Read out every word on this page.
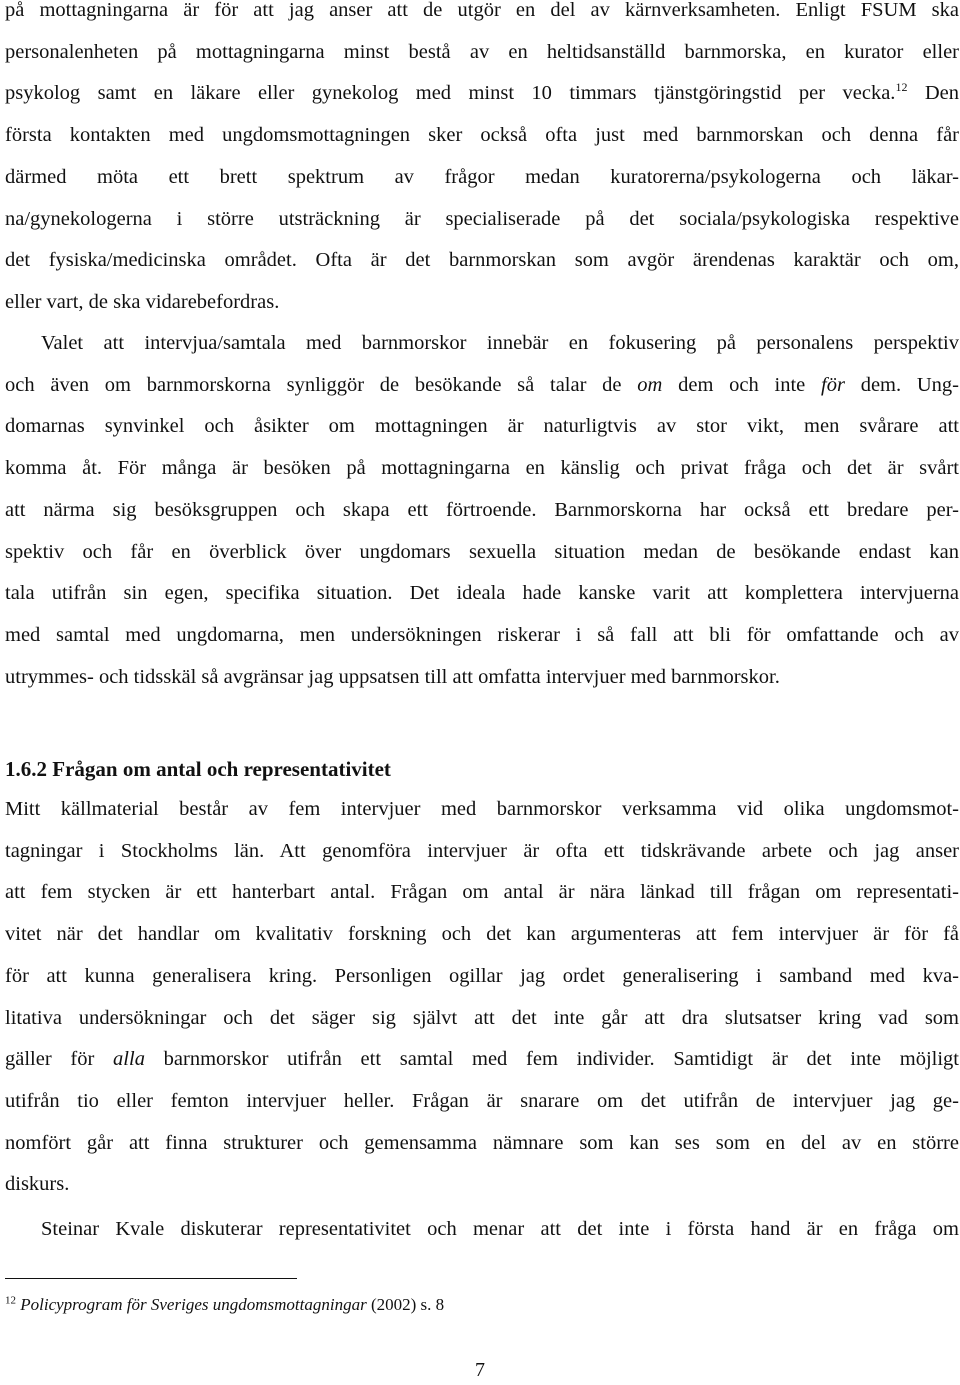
på mottagningarna är för att jag anser att de utgör en del av kärnverksamheten. Enligt FSUM ska
personalenheten på mottagningarna minst bestå av en heltidsanställd barnmorska, en kurator eller
psykolog samt en läkare eller gynekolog med minst 10 timmars tjänstgöringstid per vecka.$^{12}$ Den
första kontakten med ungdomsmottagningen sker också ofta just med barnmorskan och denna får
därmed möta ett brett spektrum av frågor medan kuratorerna/psykologerna och läkar-
na/gynekologerna i större utsträckning är specialiserade på det sociala/psykologiska respektive
det fysiska/medicinska området. Ofta är det barnmorskan som avgör ärendenas karaktär och om,
eller vart, de ska vidarebefordras.
Valet att intervjua/samtala med barnmorskor innebär en fokusering på personalens perspektiv
och även om barnmorskorna synliggör de besökande så talar de om dem och inte för dem. Ung-
domarnas synvinkel och åsikter om mottagningen är naturligtvis av stor vikt, men svårare att
komma åt. För många är besöken på mottagningarna en känslig och privat fråga och det är svårt
att närma sig besöksgruppen och skapa ett förtroende. Barnmorskorna har också ett bredare per-
spektiv och får en överblick över ungdomars sexuella situation medan de besökande endast kan
tala utifrån sin egen, specifika situation. Det ideala hade kanske varit att komplettera intervjuerna
med samtal med ungdomarna, men undersökningen riskerar i så fall att bli för omfattande och av
utrymmes- och tidsskäl så avgränsar jag uppsatsen till att omfatta intervjuer med barnmorskor.
1.6.2 Frågan om antal och representativitet
Mitt källmaterial består av fem intervjuer med barnmorskor verksamma vid olika ungdomsmot-
tagningar i Stockholms län. Att genomföra intervjuer är ofta ett tidskrävande arbete och jag anser
att fem stycken är ett hanterbart antal. Frågan om antal är nära länkad till frågan om representati-
vitet när det handlar om kvalitativ forskning och det kan argumenteras att fem intervjuer är för få
för att kunna generalisera kring. Personligen ogillar jag ordet generalisering i samband med kva-
litativa undersökningar och det säger sig självt att det inte går att dra slutsatser kring vad som
gäller för alla barnmorskor utifrån ett samtal med fem individer. Samtidigt är det inte möjligt
utifrån tio eller femton intervjuer heller. Frågan är snarare om det utifrån de intervjuer jag ge-
nomfört går att finna strukturer och gemensamma nämnare som kan ses som en del av en större
diskurs.
Steinar Kvale diskuterar representativitet och menar att det inte i första hand är en fråga om

$^{12}$ Policyprogram för Sveriges ungdomsmottagningar (2002) s. 8

7
